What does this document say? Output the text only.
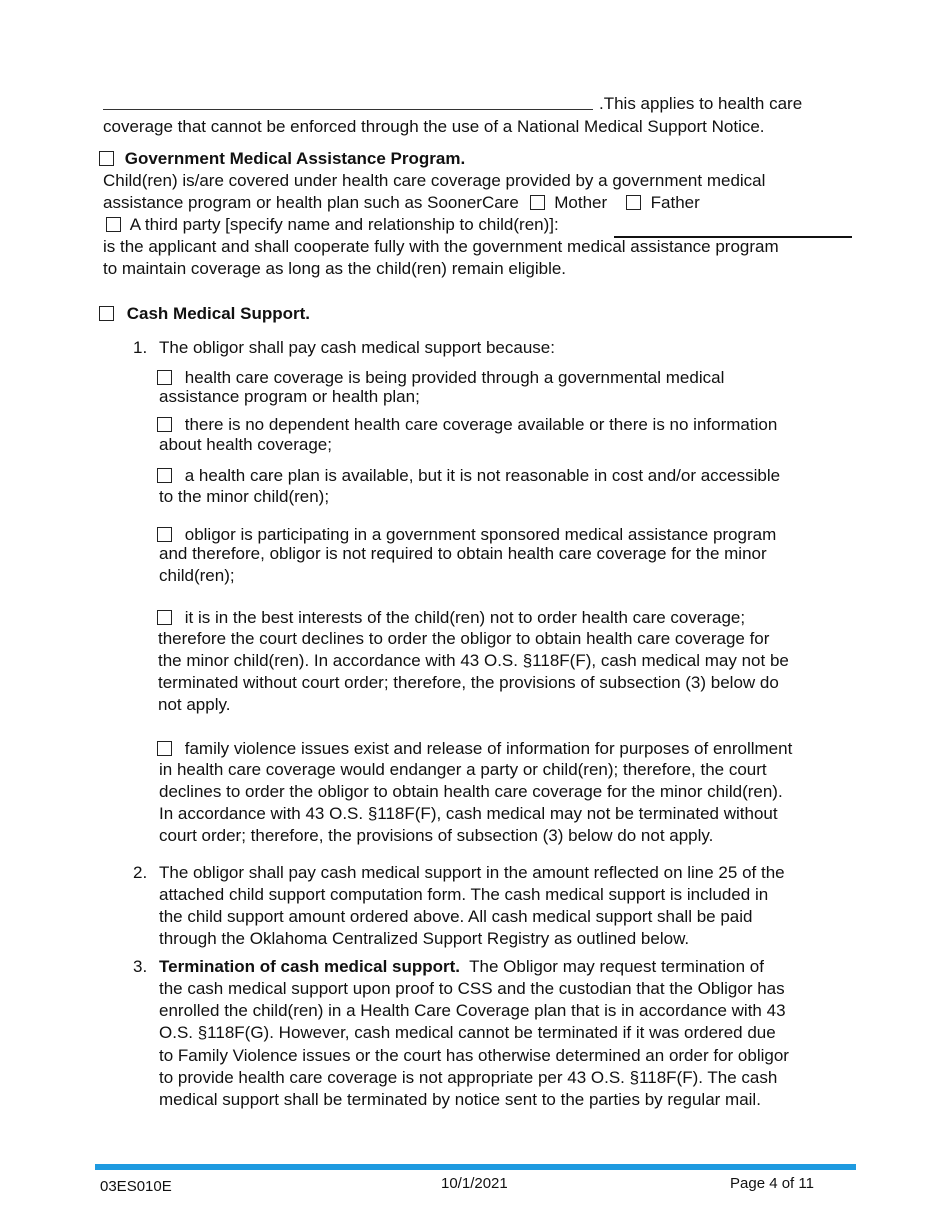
.This applies to health care
coverage that cannot be enforced through the use of a National Medical Support Notice.
Government Medical Assistance Program.
Child(ren) is/are covered under health care coverage provided by a government medical
assistance program or health plan such as SoonerCare Mother	Father
A third party [specify name and relationship to child(ren)]:
is the applicant and shall cooperate fully with the government medical assistance program
to maintain coverage as long as the child(ren) remain eligible.
Cash Medical Support.
1. The obligor shall pay cash medical support because:
health care coverage is being provided through a governmental medical
assistance program or health plan;
there is no dependent health care coverage available or there is no information
about health coverage;
a health care plan is available, but it is not reasonable in cost and/or accessible
to the minor child(ren);
obligor is participating in a government sponsored medical assistance program
and therefore, obligor is not required to obtain health care coverage for the minor
child(ren);
it is in the best interests of the child(ren) not to order health care coverage;
therefore the court declines to order the obligor to obtain health care coverage for
the minor child(ren). In accordance with 43 O.S. §118F(F), cash medical may not be
terminated without court order; therefore, the provisions of subsection (3) below do
not apply.
family violence issues exist and release of information for purposes of enrollment
in health care coverage would endanger a party or child(ren); therefore, the court
declines to order the obligor to obtain health care coverage for the minor child(ren).
In accordance with 43 O.S. §118F(F), cash medical may not be terminated without
court order; therefore, the provisions of subsection (3) below do not apply.
2. The obligor shall pay cash medical support in the amount reflected on line 25 of the
attached child support computation form. The cash medical support is included in
the child support amount ordered above. All cash medical support shall be paid
through the Oklahoma Centralized Support Registry as outlined below.
3. Termination of cash medical support.  The Obligor may request termination of
the cash medical support upon proof to CSS and the custodian that the Obligor has
enrolled the child(ren) in a Health Care Coverage plan that is in accordance with 43
O.S. §118F(G). However, cash medical cannot be terminated if it was ordered due
to Family Violence issues or the court has otherwise determined an order for obligor
to provide health care coverage is not appropriate per 43 O.S. §118F(F). The cash
medical support shall be terminated by notice sent to the parties by regular mail.
03ES010E	10/1/2021	Page 4 of 11
